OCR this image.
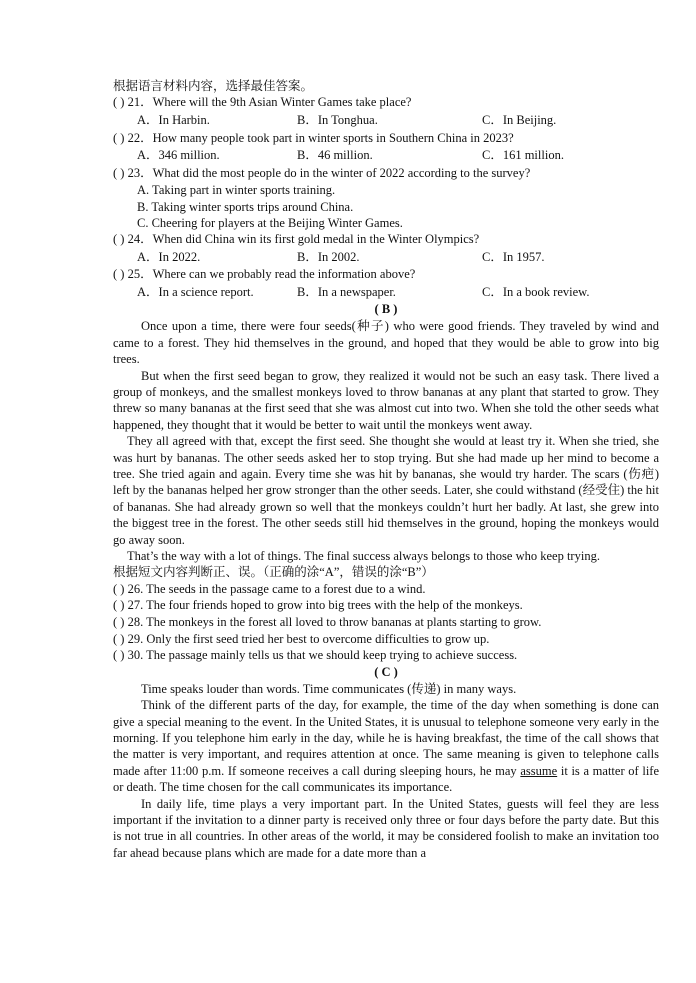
根据语言材料内容，选择最佳答案。
( ) 21．Where will the 9th Asian Winter Games take place?
A．In Harbin.	B．In Tonghua.	C．In Beijing.
( ) 22．How many people took part in winter sports in Southern China in 2023?
A．346 million.	B．46 million.	C．161 million.
( ) 23．What did the most people do in the winter of 2022 according to the survey?
A. Taking part in winter sports training.
B. Taking winter sports trips around China.
C. Cheering for players at the Beijing Winter Games.
( ) 24．When did China win its first gold medal in the Winter Olympics?
A．In 2022.	B．In 2002.	C．In 1957.
( ) 25．Where can we probably read the information above?
A．In a science report.	B．In a newspaper.	C．In a book review.
( B )

Once upon a time, there were four seeds(种子) who were good friends. They traveled by wind and came to a forest. They hid themselves in the ground, and hoped that they would be able to grow into big trees.

But when the first seed began to grow, they realized it would not be such an easy task. There lived a group of monkeys, and the smallest monkeys loved to throw bananas at any plant that started to grow. They threw so many bananas at the first seed that she was almost cut into two. When she told the other seeds what happened, they thought that it would be better to wait until the monkeys went away.

They all agreed with that, except the first seed. She thought she would at least try it. When she tried, she was hurt by bananas. The other seeds asked her to stop trying. But she had made up her mind to become a tree. She tried again and again. Every time she was hit by bananas, she would try harder. The scars (伤疤) left by the bananas helped her grow stronger than the other seeds. Later, she could withstand (经受住) the hit of bananas. She had already grown so well that the monkeys couldn’t hurt her badly. At last, she grew into the biggest tree in the forest. The other seeds still hid themselves in the ground, hoping the monkeys would go away soon.

That’s the way with a lot of things. The final success always belongs to those who keep trying.

根据短文内容判断正、误。（正确的涂“A”，错误的涂“B”）
( ) 26. The seeds in the passage came to a forest due to a wind.
( ) 27. The four friends hoped to grow into big trees with the help of the monkeys.
( ) 28. The monkeys in the forest all loved to throw bananas at plants starting to grow.
( ) 29. Only the first seed tried her best to overcome difficulties to grow up.
( ) 30. The passage mainly tells us that we should keep trying to achieve success.
( C )

Time speaks louder than words. Time communicates (传递) in many ways.

Think of the different parts of the day, for example, the time of the day when something is done can give a special meaning to the event. In the United States, it is unusual to telephone someone very early in the morning. If you telephone him early in the day, while he is having breakfast, the time of the call shows that the matter is very important, and requires attention at once. The same meaning is given to telephone calls made after 11:00 p.m. If someone receives a call during sleeping hours, he may assume it is a matter of life or death. The time chosen for the call communicates its importance.

In daily life, time plays a very important part. In the United States, guests will feel they are less important if the invitation to a dinner party is received only three or four days before the party date. But this is not true in all countries. In other areas of the world, it may be considered foolish to make an invitation too far ahead because plans which are made for a date more than a
